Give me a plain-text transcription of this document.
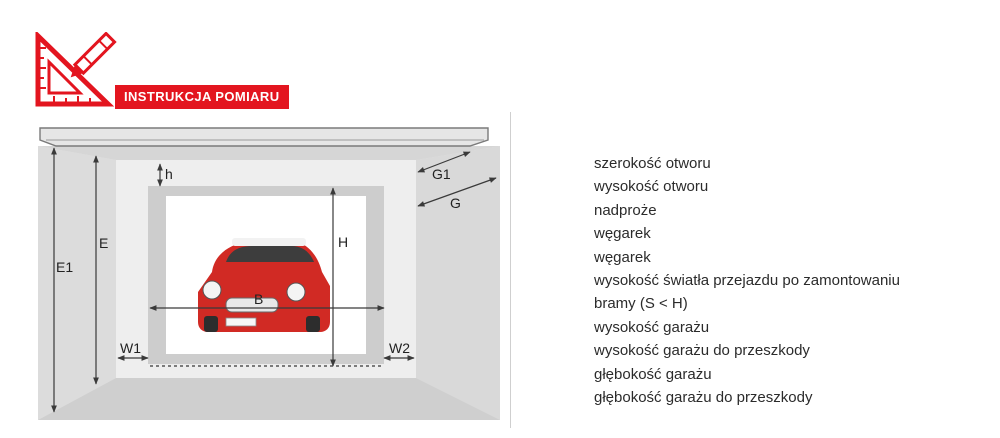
INSTRUKCJA POMIARU
h
E1
E	H
B
W1	W2
G1
G
szerokość otworu
wysokość otworu
nadproże
węgarek
węgarek
wysokość światła przejazdu po zamontowaniu
bramy (S < H)
wysokość garażu
wysokość garażu do przeszkody
głębokość garażu
głębokość garażu do przeszkody
